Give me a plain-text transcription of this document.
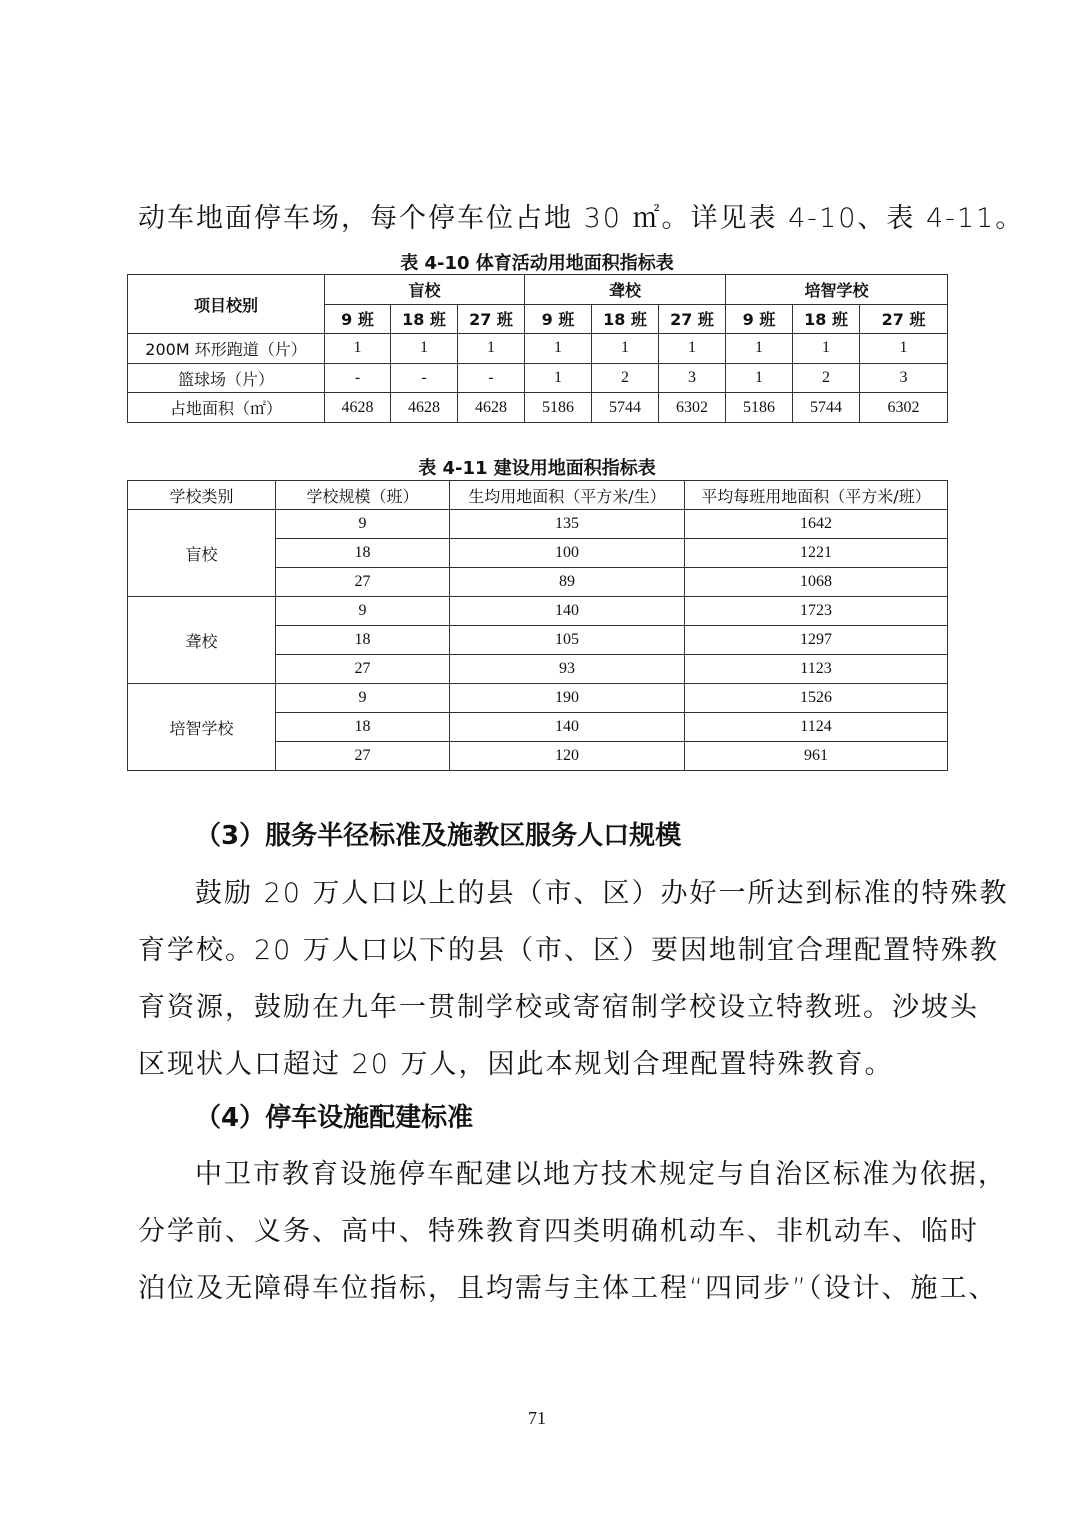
动车地面停车场，每个停车位占地 30 ㎡。详见表 4-10、表 4-11。
表 4-10 体育活动用地面积指标表
项目校别	盲校			聋校			培智学校		
	9 班	18 班	27 班	9 班	18 班	27 班	9 班	18 班	27 班
200M 环形跑道（片）	1	1	1	1	1	1	1	1	1
篮球场（片）	-	-	-	1	2	3	1	2	3
占地面积（㎡）	4628	4628	4628	5186	5744	6302	5186	5744	6302
表 4-11 建设用地面积指标表
学校类别	学校规模（班）	生均用地面积（平方米/生）	平均每班用地面积（平方米/班）
盲校	9	135	1642
	18	100	1221
	27	89	1068
聋校	9	140	1723
	18	105	1297
	27	93	1123
培智学校	9	190	1526
	18	140	1124
	27	120	961
（3）服务半径标准及施教区服务人口规模
鼓励 20 万人口以上的县（市、区）办好一所达到标准的特殊教
育学校。20 万人口以下的县（市、区）要因地制宜合理配置特殊教
育资源，鼓励在九年一贯制学校或寄宿制学校设立特教班。沙坡头
区现状人口超过 20 万人，因此本规划合理配置特殊教育。
（4）停车设施配建标准
中卫市教育设施停车配建以地方技术规定与自治区标准为依据，
分学前、义务、高中、特殊教育四类明确机动车、非机动车、临时
泊位及无障碍车位指标，且均需与主体工程“四同步”（设计、施工、
71
